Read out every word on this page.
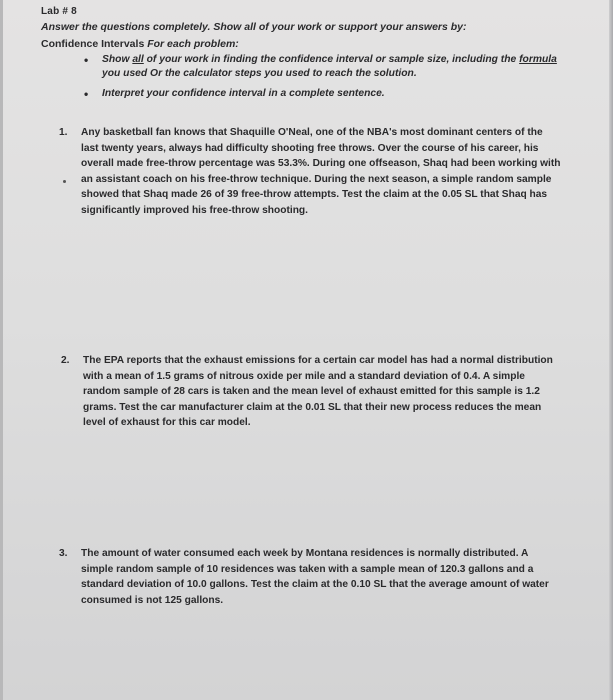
Lab # 8
Answer the questions completely. Show all of your work or support your answers by:
Confidence Intervals For each problem:
• Show all of your work in finding the confidence interval or sample size, including the formula you used Or the calculator steps you used to reach the solution.
• Interpret your confidence interval in a complete sentence.
1. Any basketball fan knows that Shaquille O'Neal, one of the NBA's most dominant centers of the last twenty years, always had difficulty shooting free throws. Over the course of his career, his overall made free-throw percentage was 53.3%. During one offseason, Shaq had been working with an assistant coach on his free-throw technique. During the next season, a simple random sample showed that Shaq made 26 of 39 free-throw attempts. Test the claim at the 0.05 SL that Shaq has significantly improved his free-throw shooting.
2. The EPA reports that the exhaust emissions for a certain car model has had a normal distribution with a mean of 1.5 grams of nitrous oxide per mile and a standard deviation of 0.4. A simple random sample of 28 cars is taken and the mean level of exhaust emitted for this sample is 1.2 grams. Test the car manufacturer claim at the 0.01 SL that their new process reduces the mean level of exhaust for this car model.
3. The amount of water consumed each week by Montana residences is normally distributed. A simple random sample of 10 residences was taken with a sample mean of 120.3 gallons and a standard deviation of 10.0 gallons. Test the claim at the 0.10 SL that the average amount of water consumed is not 125 gallons.
